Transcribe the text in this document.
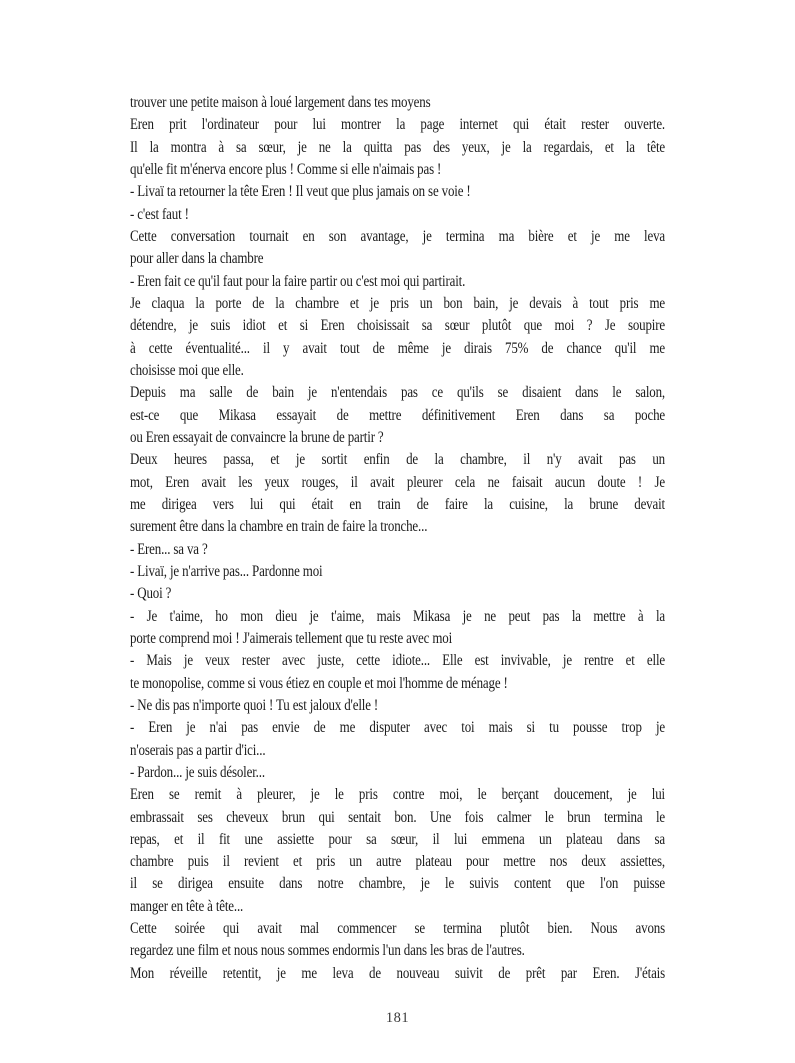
trouver une petite maison à loué largement dans tes moyens
Eren prit l'ordinateur pour lui montrer la page internet qui était rester ouverte.
Il la montra à sa sœur, je ne la quitta pas des yeux, je la regardais, et la tête
qu'elle fit m'énerva encore plus ! Comme si elle n'aimais pas !
- Livaï ta retourner la tête Eren ! Il veut que plus jamais on se voie !
- c'est faut !
Cette conversation tournait en son avantage, je termina ma bière et je me leva
pour aller dans la chambre
- Eren fait ce qu'il faut pour la faire partir ou c'est moi qui partirait.
Je claqua la porte de la chambre et je pris un bon bain, je devais à tout pris me
détendre, je suis idiot et si Eren choisissait sa sœur plutôt que moi ? Je soupire
à cette éventualité... il y avait tout de même je dirais 75% de chance qu'il me
choisisse moi que elle.
Depuis ma salle de bain je n'entendais pas ce qu'ils se disaient dans le salon,
est-ce que Mikasa essayait de mettre définitivement Eren dans sa poche
ou Eren essayait de convaincre la brune de partir ?
Deux heures passa, et je sortit enfin de la chambre, il n'y avait pas un
mot, Eren avait les yeux rouges, il avait pleurer cela ne faisait aucun doute ! Je
me dirigea vers lui qui était en train de faire la cuisine, la brune devait
surement être dans la chambre en train de faire la tronche...
- Eren... sa va ?
- Livaï, je n'arrive pas... Pardonne moi
- Quoi ?
- Je t'aime, ho mon dieu je t'aime, mais Mikasa je ne peut pas la mettre à la
porte comprend moi ! J'aimerais tellement que tu reste avec moi
- Mais je veux rester avec juste, cette idiote... Elle est invivable, je rentre et elle
te monopolise, comme si vous étiez en couple et moi l'homme de ménage !
- Ne dis pas n'importe quoi ! Tu est jaloux d'elle !
- Eren je n'ai pas envie de me disputer avec toi mais si tu pousse trop je
n'oserais pas a partir d'ici...
- Pardon... je suis désoler...
Eren se remit à pleurer, je le pris contre moi, le berçant doucement, je lui
embrassait ses cheveux brun qui sentait bon. Une fois calmer le brun termina le
repas, et il fit une assiette pour sa sœur, il lui emmena un plateau dans sa
chambre puis il revient et pris un autre plateau pour mettre nos deux assiettes,
il se dirigea ensuite dans notre chambre, je le suivis content que l'on puisse
manger en tête à tête...
Cette soirée qui avait mal commencer se termina plutôt bien. Nous avons
regardez une film et nous nous sommes endormis l'un dans les bras de l'autres.
Mon réveille retentit, je me leva de nouveau suivit de prêt par Eren. J'étais
181
